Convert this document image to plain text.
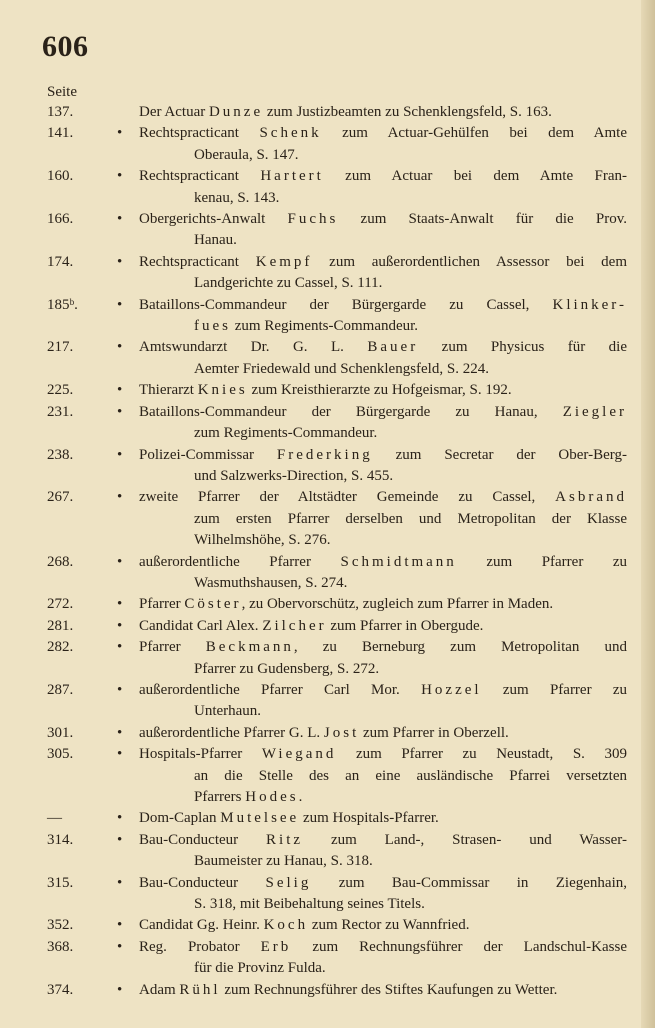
606
Seite
137.	Der Actuar Dunze zum Justizbeamten zu Schenklengsfeld, S. 163.
141.	•	Rechtspracticant Schenk zum Actuar-Gehülfen bei dem Amte
Oberaula, S. 147.
160.	•	Rechtspracticant Hartert zum Actuar bei dem Amte Fran-
kenau, S. 143.
166.	•	Obergerichts-Anwalt Fuchs zum Staats-Anwalt für die Prov.
Hanau.
174.	•	Rechtspracticant Kempf zum außerordentlichen Assessor bei dem
Landgerichte zu Cassel, S. 111.
185ᵇ.	•	Bataillons-Commandeur der Bürgergarde zu Cassel, Klinker-
fues zum Regiments-Commandeur.
217.	•	Amtswundarzt Dr. G. L. Bauer zum Physicus für die
Aemter Friedewald und Schenklengsfeld, S. 224.
225.	•	Thierarzt Knies zum Kreisthierarzte zu Hofgeismar, S. 192.
231.	•	Bataillons-Commandeur der Bürgergarde zu Hanau, Ziegler
zum Regiments-Commandeur.
238.	•	Polizei-Commissar Frederking zum Secretar der Ober-Berg-
und Salzwerks-Direction, S. 455.
267.	•	zweite Pfarrer der Altstädter Gemeinde zu Cassel, Asbrand
zum ersten Pfarrer derselben und Metropolitan der Klasse
Wilhelmshöhe, S. 276.
268.	•	außerordentliche Pfarrer Schmidtmann zum Pfarrer zu
Wasmuthshausen, S. 274.
272.	•	Pfarrer Cöster, zu Obervorschütz, zugleich zum Pfarrer in Maden.
281.	•	Candidat Carl Alex. Zilcher zum Pfarrer in Obergude.
282.	•	Pfarrer Beckmann, zu Berneburg zum Metropolitan und
Pfarrer zu Gudensberg, S. 272.
287.	•	außerordentliche Pfarrer Carl Mor. Hozzel zum Pfarrer zu
Unterhaun.
301.	•	außerordentliche Pfarrer G. L. Jost zum Pfarrer in Oberzell.
305.	•	Hospitals-Pfarrer Wiegand zum Pfarrer zu Neustadt, S. 309
an die Stelle des an eine ausländische Pfarrei versetzten
Pfarrers Hodes.
—	•	Dom-Caplan Mutelsee zum Hospitals-Pfarrer.
314.	•	Bau-Conducteur Ritz zum Land-, Strasen- und Wasser-
Baumeister zu Hanau, S. 318.
315.	•	Bau-Conducteur Selig zum Bau-Commissar in Ziegenhain,
S. 318, mit Beibehaltung seines Titels.
352.	•	Candidat Gg. Heinr. Koch zum Rector zu Wannfried.
368.	•	Reg. Probator Erb zum Rechnungsführer der Landschul-Kasse
für die Provinz Fulda.
374.	•	Adam Rühl zum Rechnungsführer des Stiftes Kaufungen zu Wetter.
